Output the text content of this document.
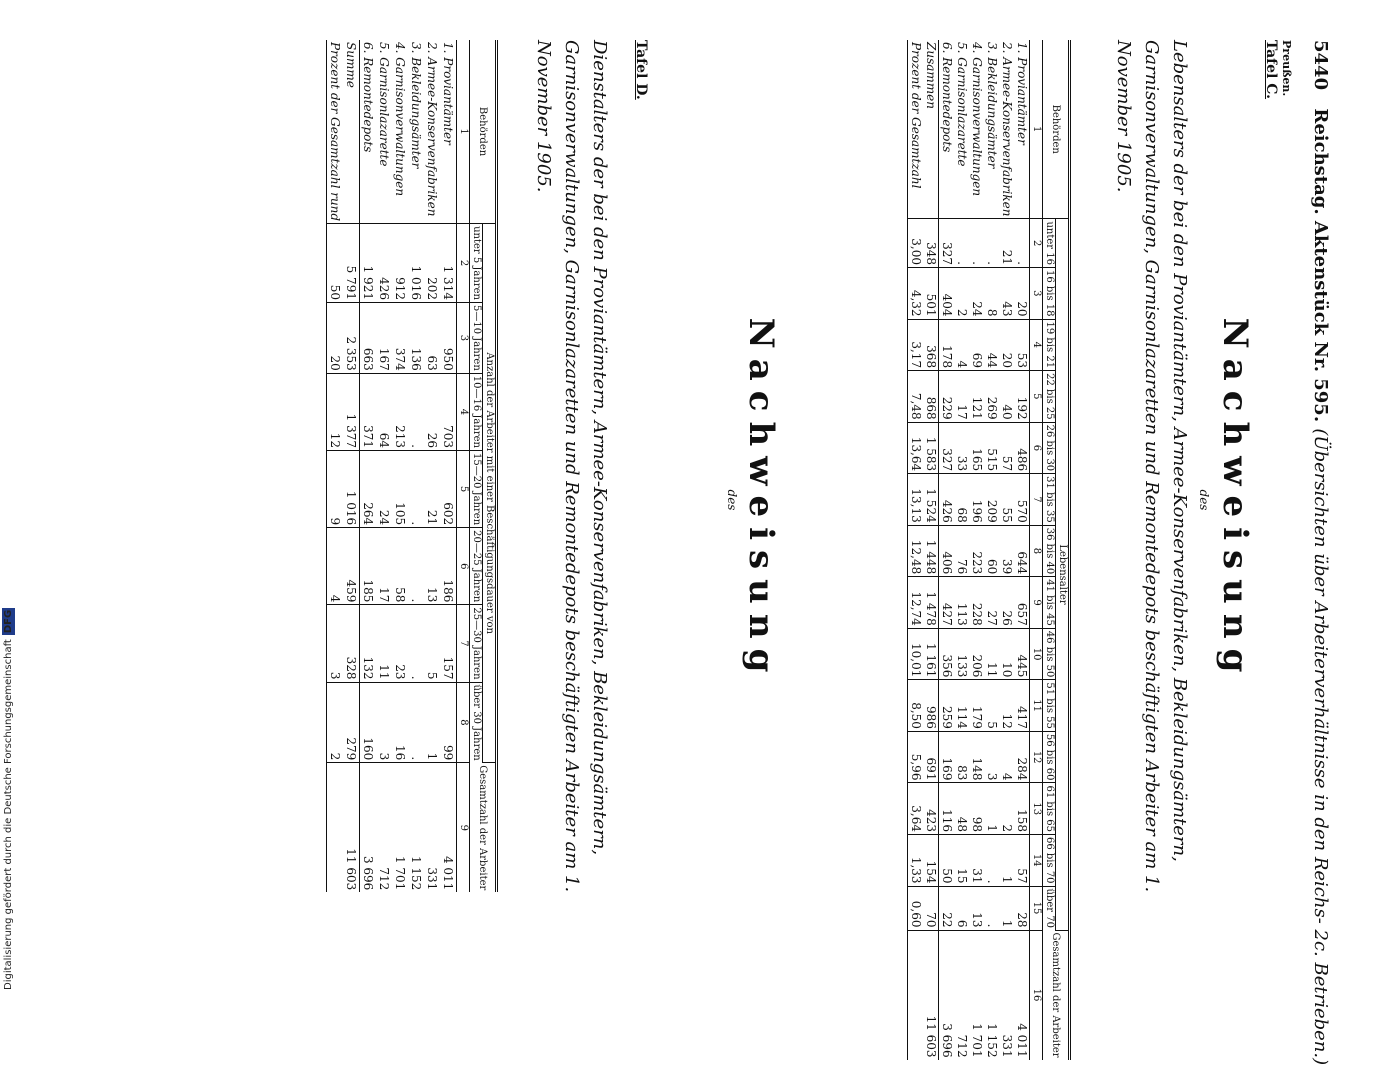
5440 Reichstag. Aktenstück Nr. 595. (Übersichten über Arbeiterverhältnisse in den Reichs- 2c. Betrieben.)
Preußen.
Tafel C.
Nachweisung
des
Lebensalters der bei den Proviantämtern, Armee-Konservenfabriken, Bekleidungsämtern, Garnisonverwaltungen, Garnisonlazaretten und Remontedepots beschäftigten Arbeiter am 1. November 1905.
Behörden	Lebensalter														Gesamtzahl der Arbeiter
	unter 16	16 bis 18	19 bis 21	22 bis 25	26 bis 30	31 bis 35	36 bis 40	41 bis 45	46 bis 50	51 bis 55	56 bis 60	61 bis 65	66 bis 70	über 70	
1	2	3	4	5	6	7	8	9	10	11	12	13	14	15	16
1. Proviantämter	.	20	53	192	486	570	644	657	445	417	284	158	57	28	4 011
2. Armee-Konservenfabriken	21	43	20	40	57	55	39	26	10	12	4	2	1	1	331
3. Bekleidungsämter	.	8	44	269	515	209	60	27	11	5	3	1	.	.	1 152
4. Garnisonverwaltungen	.	24	69	121	165	196	223	228	206	179	148	98	31	13	1 701
5. Garnisonlazarette	.	2	4	17	33	68	76	113	133	114	83	48	15	6	712
6. Remontedepots	327	404	178	229	327	426	406	427	356	259	169	116	50	22	3 696
Zusammen	348	501	368	868	1 583	1 524	1 448	1 478	1 161	986	691	423	154	70	11 603
Prozent der Gesamtzahl	3,00	4,32	3,17	7,48	13,64	13,13	12,48	12,74	10,01	8,50	5,96	3,64	1,33	0,60	
Tafel D.
Nachweisung
des
Dienstalters der bei den Proviantämtern, Armee-Konservenfabriken, Bekleidungsämtern, Garnisonverwaltungen, Garnisonlazaretten und Remontedepots beschäftigten Arbeiter am 1. November 1905.
Behörden	Anzahl der Arbeiter mit einer Beschäftigungsdauer von							Gesamtzahl der Arbeiter
	unter 5 Jahren	5—10 Jahren	10—16 Jahren	15—20 Jahren	20—25 Jahren	25—30 Jahren	über 30 Jahren	
1	2	3	4	5	6	7	8	9
1. Proviantämter	1 314	950	703	602	186	157	99	4 011
2. Armee-Konservenfabriken	202	63	26	21	13	5	1	331
3. Bekleidungsämter	1 016	136	.	.	.	.	.	1 152
4. Garnisonverwaltungen	912	374	213	105	58	23	16	1 701
5. Garnisonlazarette	426	167	64	24	17	11	3	712
6. Remontedepots	1 921	663	371	264	185	132	160	3 696
Summe	5 791	2 353	1 377	1 016	459	328	279	11 603
Prozent der Gesamtzahl rund	50	20	12	9	4	3	2	
Digitalisierung gefördert durch die Deutsche ForschungsgemeinschaftDFG
